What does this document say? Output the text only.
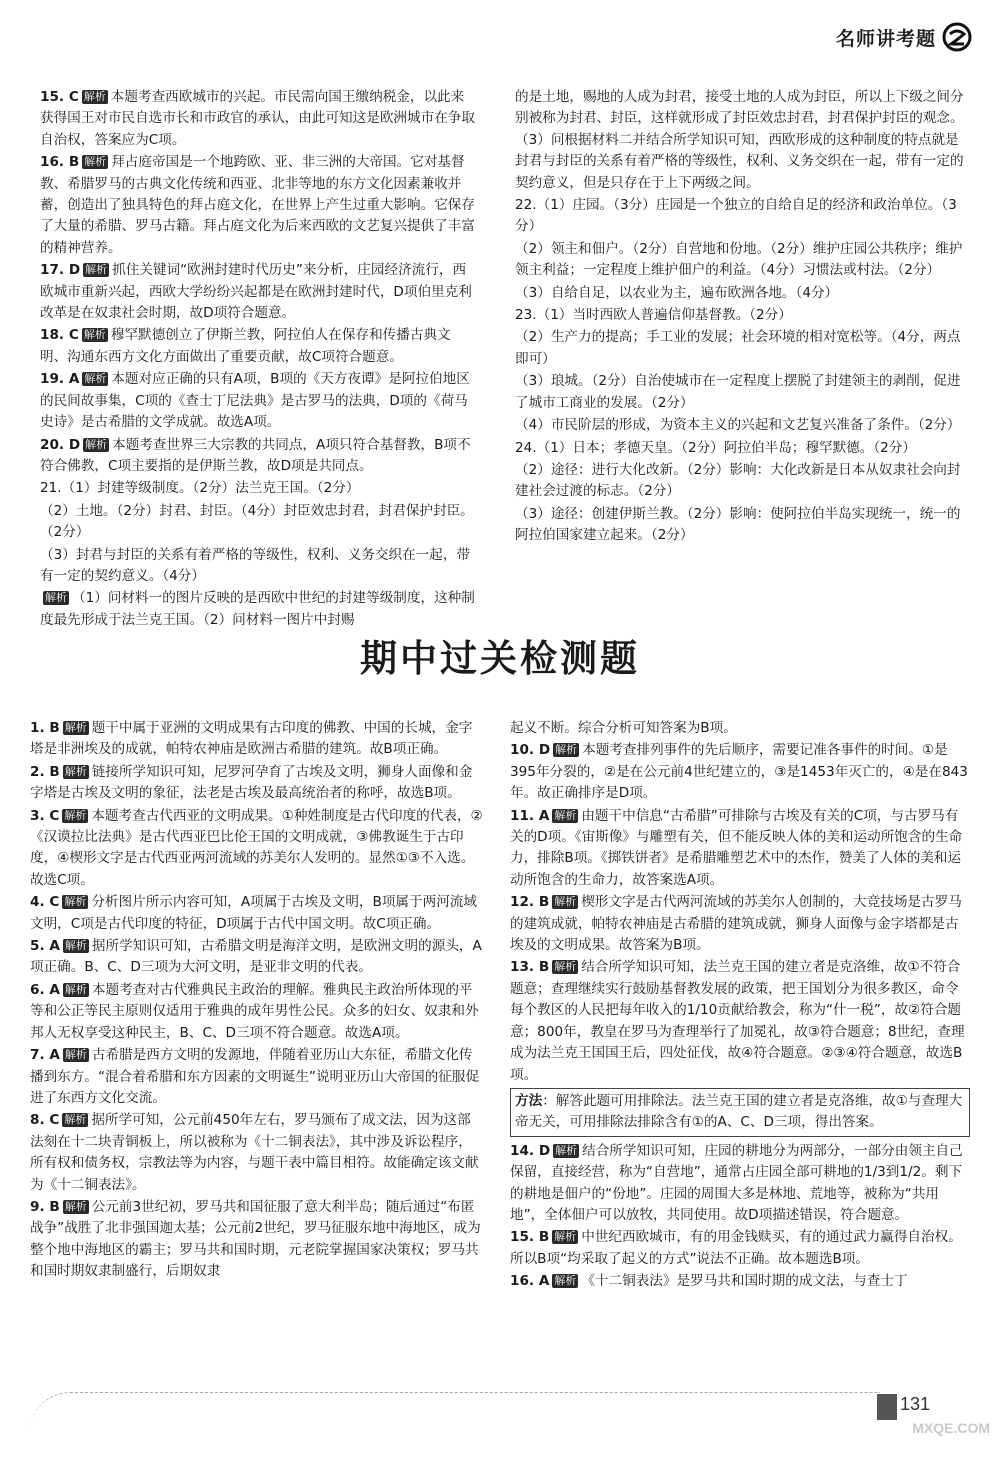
名师讲考题

15. C 解析 本题考查西欧城市的兴起。市民需向国王缴纳税金，以此来获得国王对市民自选市长和市政官的承认，由此可知这是欧洲城市在争取自治权，答案应为C项。

16. B 解析 拜占庭帝国是一个地跨欧、亚、非三洲的大帝国。它对基督教、希腊罗马的古典文化传统和西亚、北非等地的东方文化因素兼收并蓄，创造出了独具特色的拜占庭文化，在世界上产生过重大影响。它保存了大量的希腊、罗马古籍。拜占庭文化为后来西欧的文艺复兴提供了丰富的精神营养。

17. D 解析 抓住关键词“欧洲封建时代历史”来分析，庄园经济流行，西欧城市重新兴起，西欧大学纷纷兴起都是在欧洲封建时代，D项伯里克利改革是在奴隶社会时期，故D项符合题意。

18. C 解析 穆罕默德创立了伊斯兰教，阿拉伯人在保存和传播古典文明、沟通东西方文化方面做出了重要贡献，故C项符合题意。

19. A 解析 本题对应正确的只有A项，B项的《天方夜谭》是阿拉伯地区的民间故事集，C项的《查士丁尼法典》是古罗马的法典，D项的《荷马史诗》是古希腊的文学成就。故选A项。

20. D 解析 本题考查世界三大宗教的共同点，A项只符合基督教，B项不符合佛教，C项主要指的是伊斯兰教，故D项是共同点。

21.（1）封建等级制度。（2分）法兰克王国。（2分）

（2）土地。（2分）封君、封臣。（4分）封臣效忠封君，封君保护封臣。（2分）

（3）封君与封臣的关系有着严格的等级性，权利、义务交织在一起，带有一定的契约意义。（4分）

解析 （1）问材料一的图片反映的是西欧中世纪的封建等级制度，这种制度最先形成于法兰克王国。（2）问材料一图片中封赐

的是土地，赐地的人成为封君，接受土地的人成为封臣，所以上下级之间分别被称为封君、封臣，这样就形成了封臣效忠封君，封君保护封臣的观念。（3）问根据材料二并结合所学知识可知，西欧形成的这种制度的特点就是封君与封臣的关系有着严格的等级性，权利、义务交织在一起，带有一定的契约意义，但是只存在于上下两级之间。

22.（1）庄园。（3分）庄园是一个独立的自给自足的经济和政治单位。（3分）

（2）领主和佃户。（2分）自营地和份地。（2分）维护庄园公共秩序；维护领主利益；一定程度上维护佃户的利益。（4分）习惯法或村法。（2分）

（3）自给自足，以农业为主，遍布欧洲各地。（4分）

23.（1）当时西欧人普遍信仰基督教。（2分）

（2）生产力的提高；手工业的发展；社会环境的相对宽松等。（4分，两点即可）

（3）琅城。（2分）自治使城市在一定程度上摆脱了封建领主的剥削，促进了城市工商业的发展。（2分）

（4）市民阶层的形成，为资本主义的兴起和文艺复兴准备了条件。（2分）

24.（1）日本；孝德天皇。（2分）阿拉伯半岛；穆罕默德。（2分）

（2）途径：进行大化改新。（2分）影响：大化改新是日本从奴隶社会向封建社会过渡的标志。（2分）

（3）途径：创建伊斯兰教。（2分）影响：使阿拉伯半岛实现统一，统一的阿拉伯国家建立起来。（2分）

期中过关检测题

1. B 解析 题干中属于亚洲的文明成果有古印度的佛教、中国的长城，金字塔是非洲埃及的成就，帕特农神庙是欧洲古希腊的建筑。故B项正确。

2. B 解析 链接所学知识可知，尼罗河孕育了古埃及文明，狮身人面像和金字塔是古埃及文明的象征，法老是古埃及最高统治者的称呼，故选B项。

3. C 解析 本题考查古代西亚的文明成果。①种姓制度是古代印度的代表，②《汉谟拉比法典》是古代西亚巴比伦王国的文明成就，③佛教诞生于古印度，④楔形文字是古代西亚两河流域的苏美尔人发明的。显然①③不入选。故选C项。

4. C 解析 分析图片所示内容可知，A项属于古埃及文明，B项属于两河流域文明，C项是古代印度的特征，D项属于古代中国文明。故C项正确。

5. A 解析 据所学知识可知，古希腊文明是海洋文明，是欧洲文明的源头，A项正确。B、C、D三项为大河文明，是亚非文明的代表。

6. A 解析 本题考查对古代雅典民主政治的理解。雅典民主政治所体现的平等和公正等民主原则仅适用于雅典的成年男性公民。众多的妇女、奴隶和外邦人无权享受这种民主，B、C、D三项不符合题意。故选A项。

7. A 解析 古希腊是西方文明的发源地，伴随着亚历山大东征，希腊文化传播到东方。“混合着希腊和东方因素的文明诞生”说明亚历山大帝国的征服促进了东西方文化交流。

8. C 解析 据所学可知，公元前450年左右，罗马颁布了成文法，因为这部法刻在十二块青铜板上，所以被称为《十二铜表法》，其中涉及诉讼程序，所有权和债务权，宗教法等为内容，与题干表中篇目相符。故能确定该文献为《十二铜表法》。

9. B 解析 公元前3世纪初，罗马共和国征服了意大利半岛；随后通过“布匿战争”战胜了北非强国迦太基；公元前2世纪，罗马征服东地中海地区，成为整个地中海地区的霸主；罗马共和国时期，元老院掌握国家决策权；罗马共和国时期奴隶制盛行，后期奴隶

起义不断。综合分析可知答案为B项。

10. D 解析 本题考查排列事件的先后顺序，需要记准各事件的时间。①是395年分裂的，②是在公元前4世纪建立的，③是1453年灭亡的，④是在843年。故正确排序是D项。

11. A 解析 由题干中信息“古希腊”可排除与古埃及有关的C项，与古罗马有关的D项。《宙斯像》与雕塑有关，但不能反映人体的美和运动所饱含的生命力，排除B项。《掷铁饼者》是希腊雕塑艺术中的杰作，赞美了人体的美和运动所饱含的生命力，故答案选A项。

12. B 解析 楔形文字是古代两河流域的苏美尔人创制的，大竞技场是古罗马的建筑成就，帕特农神庙是古希腊的建筑成就，狮身人面像与金字塔都是古埃及的文明成果。故答案为B项。

13. B 解析 结合所学知识可知，法兰克王国的建立者是克洛维，故①不符合题意；查理继续实行鼓励基督教发展的政策，把王国划分为很多教区，命令每个教区的人民把每年收入的1/10贡献给教会，称为“什一税”，故②符合题意；800年，教皇在罗马为查理举行了加冕礼，故③符合题意；8世纪，查理成为法兰克王国国王后，四处征伐，故④符合题意。②③④符合题意，故选B项。

方法：解答此题可用排除法。法兰克王国的建立者是克洛维，故①与查理大帝无关，可用排除法排除含有①的A、C、D三项，得出答案。

14. D 解析 结合所学知识可知，庄园的耕地分为两部分，一部分由领主自己保留，直接经营，称为“自营地”，通常占庄园全部可耕地的1/3到1/2。剩下的耕地是佃户的“份地”。庄园的周围大多是林地、荒地等，被称为“共用地”，全体佃户可以放牧，共同使用。故D项描述错误，符合题意。

15. B 解析 中世纪西欧城市，有的用金钱赎买，有的通过武力赢得自治权。所以B项“均采取了起义的方式”说法不正确。故本题选B项。

16. A 解析 《十二铜表法》是罗马共和国时期的成文法，与查士丁

131
MXQE.COM
